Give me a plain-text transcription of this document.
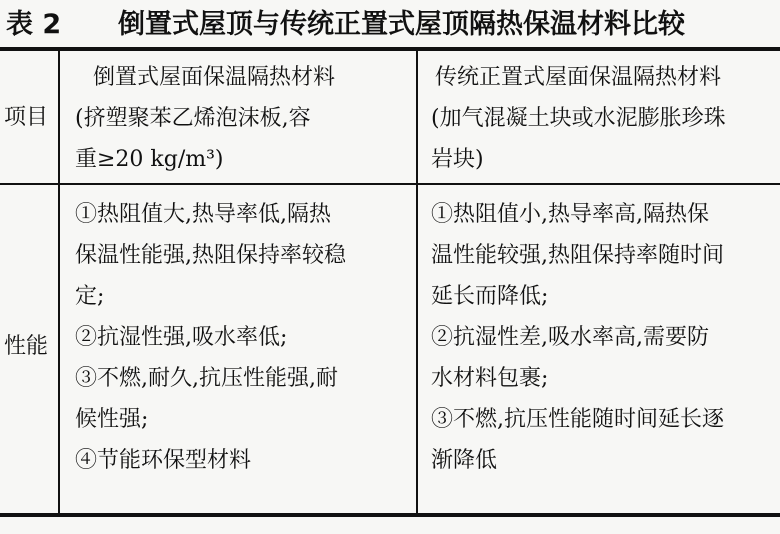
表 2 倒置式屋顶与传统正置式屋顶隔热保温材料比较
项目
性能

倒置式屋面保温隔热材料

(挤塑聚苯乙烯泡沫板,容

重≥20 kg/m³)

传统正置式屋面保温隔热材料

(加气混凝土块或水泥膨胀珍珠

岩块)

①热阻值大,热导率低,隔热

保温性能强,热阻保持率较稳

定;

②抗湿性强,吸水率低;

③不燃,耐久,抗压性能强,耐

候性强;

④节能环保型材料

①热阻值小,热导率高,隔热保

温性能较强,热阻保持率随时间

延长而降低;

②抗湿性差,吸水率高,需要防

水材料包裹;

③不燃,抗压性能随时间延长逐

渐降低
